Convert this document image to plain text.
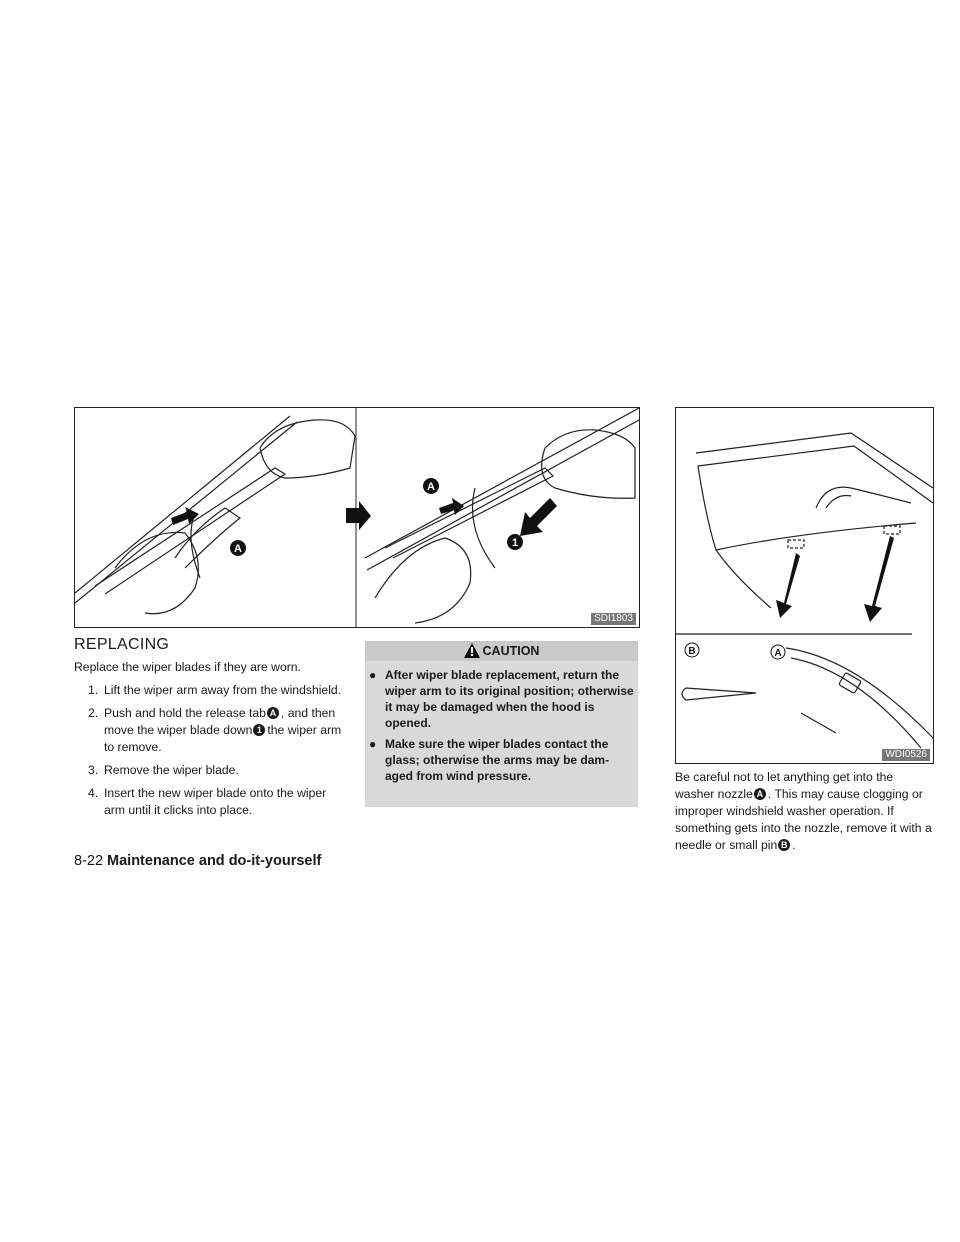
A
A
1
SDI1803
B	A
WDI0526
REPLACING

Replace the wiper blades if they are worn.

1. Lift the wiper arm away from the windshield.
2. Push and hold the release tab A , and then move the wiper blade down 1 the wiper arm to remove.
3. Remove the wiper blade.
4. Insert the new wiper blade onto the wiper arm until it clicks into place.
CAUTION
● After wiper blade replacement, return the wiper arm to its original position; otherwise it may be damaged when the hood is opened.
● Make sure the wiper blades contact the glass; otherwise the arms may be dam- aged from wind pressure.	Be careful not to let anything get into the washer nozzle A . This may cause clogging or improper windshield washer operation. If something gets into the nozzle, remove it with a needle or small pin B .

8-22 Maintenance and do-it-yourself
